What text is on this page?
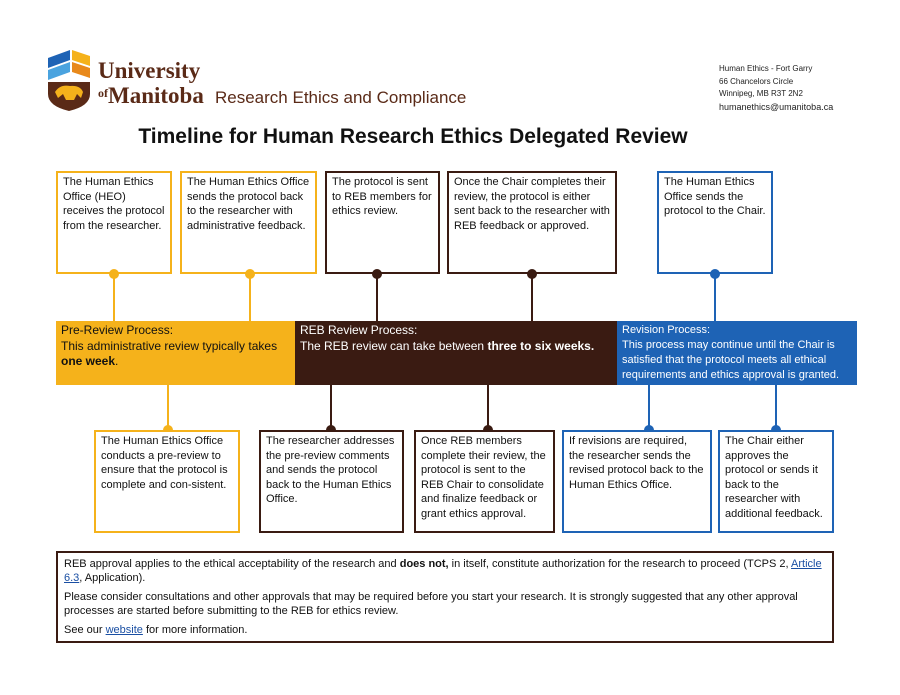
University
$^{of}$Manitoba Research Ethics and Compliance
Human Ethics - Fort Garry
66 Chancelors Circle
Winnipeg, MB R3T 2N2
humanethics@umanitoba.ca
Timeline for Human Research Ethics Delegated Review
The Human Ethics Office (HEO) receives the protocol from the researcher.
The Human Ethics Office sends the protocol back to the researcher with administrative feedback.
The protocol is sent to REB members for ethics review.
Once the Chair completes their review, the protocol is either sent back to the researcher with REB feedback or approved.
The Human Ethics Office sends the protocol to the Chair.
Pre-Review Process:
This administrative review typically takes one week.
REB Review Process:
The REB review can take between three to six weeks.
Revision Process:
This process may continue until the Chair is satisfied that the protocol meets all ethical requirements and ethics approval is granted.
The Human Ethics Office conducts a pre-review to ensure that the protocol is complete and con-sistent.
The researcher addresses the pre-review comments and sends the protocol back to the Human Ethics Office.
Once REB members complete their review, the protocol is sent to the REB Chair to consolidate and finalize feedback or grant ethics approval.
If revisions are required, the researcher sends the revised protocol back to the Human Ethics Office.
The Chair either approves the protocol or sends it back to the researcher with additional feedback.

REB approval applies to the ethical acceptability of the research and does not, in itself, constitute authorization for the research to proceed (TCPS 2, Article 6.3, Application).

Please consider consultations and other approvals that may be required before you start your research. It is strongly suggested that any other approval processes are started before submitting to the REB for ethics review.

See our website for more information.
